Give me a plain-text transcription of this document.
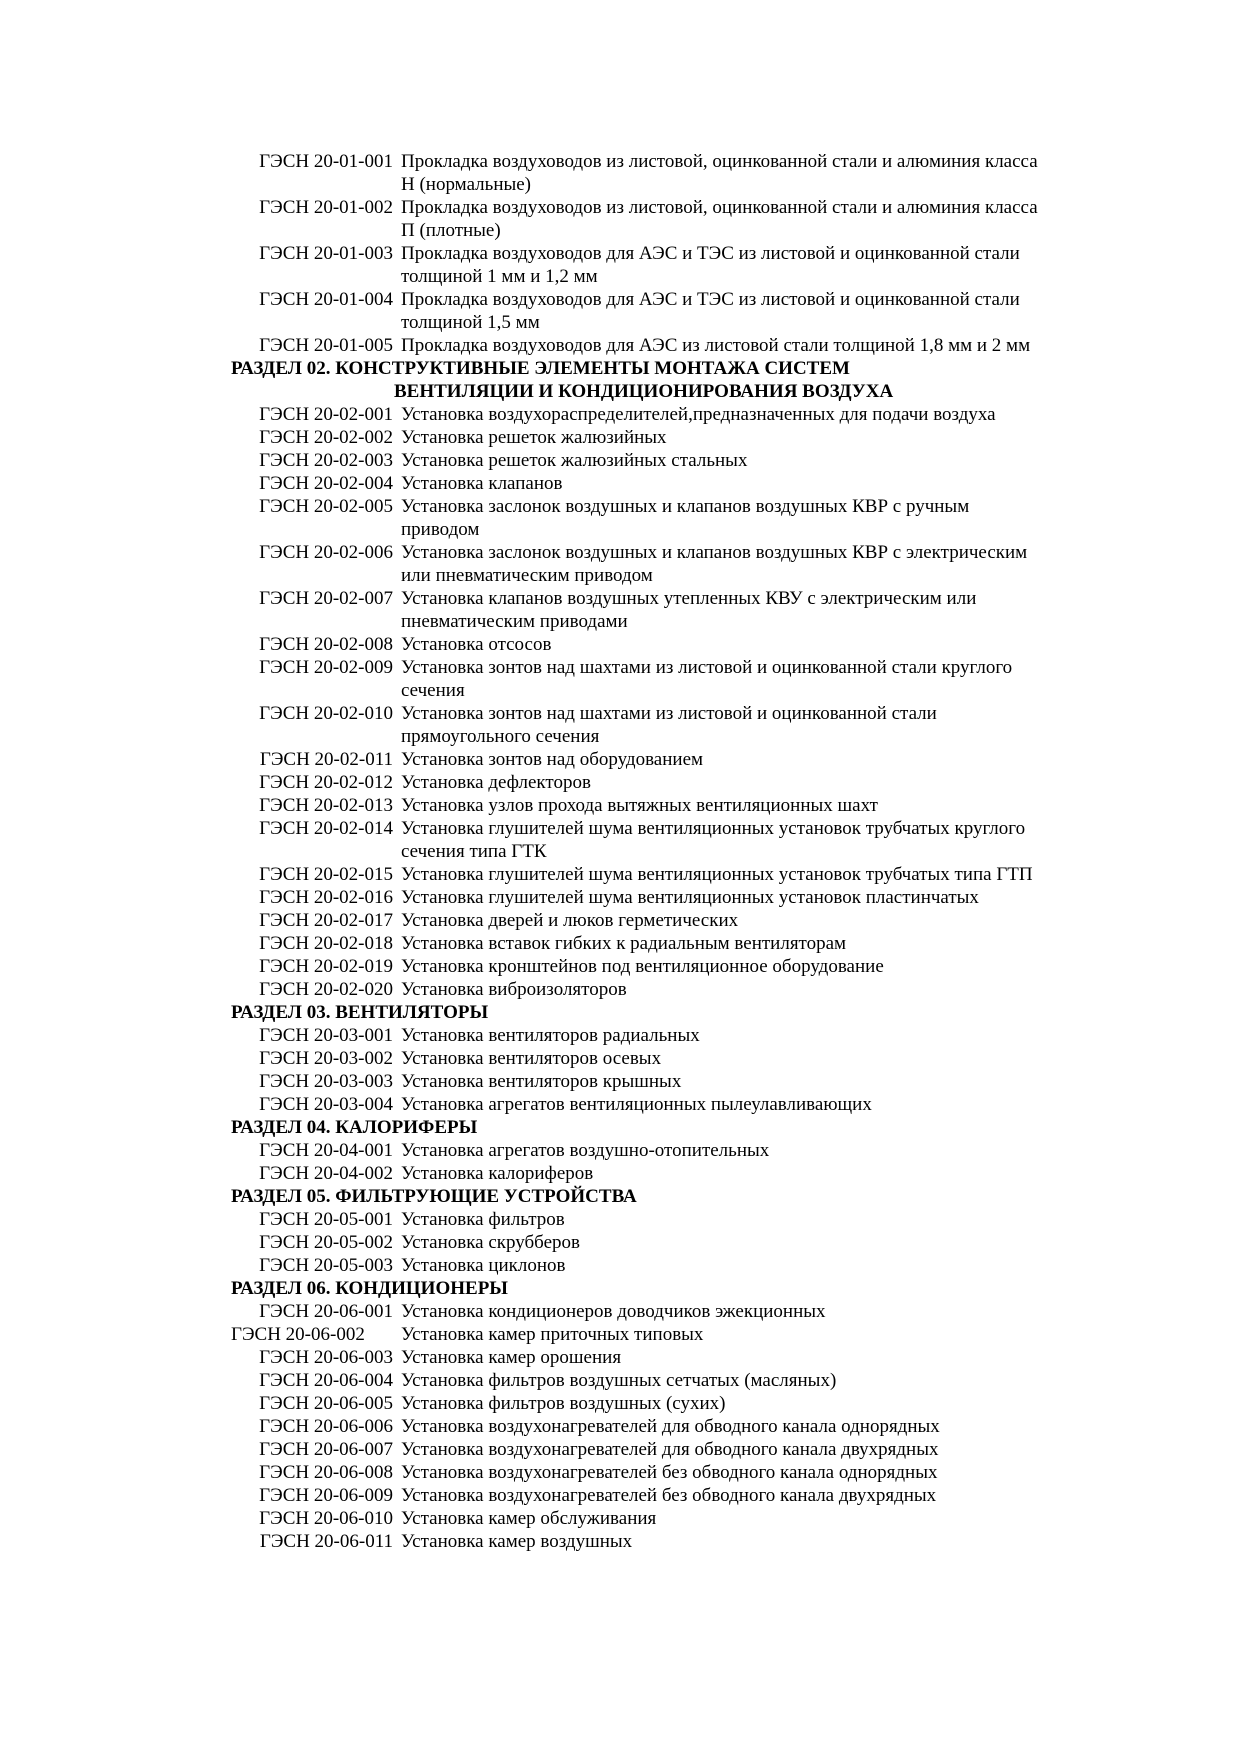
ГЭСН 20-01-001 Прокладка воздуховодов из листовой, оцинкованной стали и алюминия класса Н (нормальные)
ГЭСН 20-01-002 Прокладка воздуховодов из листовой, оцинкованной стали и алюминия класса П (плотные)
ГЭСН 20-01-003 Прокладка воздуховодов для АЭС и ТЭС из листовой и оцинкованной стали толщиной 1 мм и 1,2 мм
ГЭСН 20-01-004 Прокладка воздуховодов для АЭС и ТЭС из листовой и оцинкованной стали толщиной 1,5 мм
ГЭСН 20-01-005 Прокладка воздуховодов для АЭС из листовой стали толщиной 1,8 мм и 2 мм
РАЗДЕЛ 02. КОНСТРУКТИВНЫЕ ЭЛЕМЕНТЫ МОНТАЖА СИСТЕМ
ВЕНТИЛЯЦИИ И КОНДИЦИОНИРОВАНИЯ ВОЗДУХА
ГЭСН 20-02-001 Установка воздухораспределителей,предназначенных для подачи воздуха
ГЭСН 20-02-002 Установка решеток жалюзийных
ГЭСН 20-02-003 Установка решеток жалюзийных стальных
ГЭСН 20-02-004 Установка клапанов
ГЭСН 20-02-005 Установка заслонок воздушных и клапанов воздушных КВР с ручным приводом
ГЭСН 20-02-006 Установка заслонок воздушных и клапанов воздушных КВР с электрическим или пневматическим приводом
ГЭСН 20-02-007 Установка клапанов воздушных утепленных КВУ с электрическим или пневматическим приводами
ГЭСН 20-02-008 Установка отсосов
ГЭСН 20-02-009 Установка зонтов над шахтами из листовой и оцинкованной стали круглого сечения
ГЭСН 20-02-010 Установка зонтов над шахтами из листовой и оцинкованной стали прямоугольного сечения
ГЭСН 20-02-011 Установка зонтов над оборудованием
ГЭСН 20-02-012 Установка дефлекторов
ГЭСН 20-02-013 Установка узлов прохода вытяжных вентиляционных шахт
ГЭСН 20-02-014 Установка глушителей шума вентиляционных установок трубчатых круглого сечения типа ГТК
ГЭСН 20-02-015 Установка глушителей шума вентиляционных установок трубчатых типа ГТП
ГЭСН 20-02-016 Установка глушителей шума вентиляционных установок пластинчатых
ГЭСН 20-02-017 Установка дверей и люков герметических
ГЭСН 20-02-018 Установка вставок гибких к радиальным вентиляторам
ГЭСН 20-02-019 Установка кронштейнов под вентиляционное оборудование
ГЭСН 20-02-020 Установка виброизоляторов
РАЗДЕЛ 03. ВЕНТИЛЯТОРЫ
ГЭСН 20-03-001 Установка вентиляторов радиальных
ГЭСН 20-03-002 Установка вентиляторов осевых
ГЭСН 20-03-003 Установка вентиляторов крышных
ГЭСН 20-03-004 Установка агрегатов вентиляционных пылеулавливающих
РАЗДЕЛ 04. КАЛОРИФЕРЫ
ГЭСН 20-04-001 Установка агрегатов воздушно-отопительных
ГЭСН 20-04-002 Установка калориферов
РАЗДЕЛ 05. ФИЛЬТРУЮЩИЕ УСТРОЙСТВА
ГЭСН 20-05-001 Установка фильтров
ГЭСН 20-05-002 Установка скрубберов
ГЭСН 20-05-003 Установка циклонов
РАЗДЕЛ 06. КОНДИЦИОНЕРЫ
ГЭСН 20-06-001 Установка кондиционеров доводчиков эжекционных
ГЭСН 20-06-002	Установка камер приточных типовых
ГЭСН 20-06-003 Установка камер орошения
ГЭСН 20-06-004 Установка фильтров воздушных сетчатых (масляных)
ГЭСН 20-06-005 Установка фильтров воздушных (сухих)
ГЭСН 20-06-006 Установка воздухонагревателей для обводного канала однорядных
ГЭСН 20-06-007 Установка воздухонагревателей для обводного канала двухрядных
ГЭСН 20-06-008 Установка воздухонагревателей без обводного канала однорядных
ГЭСН 20-06-009 Установка воздухонагревателей без обводного канала двухрядных
ГЭСН 20-06-010 Установка камер обслуживания
ГЭСН 20-06-011 Установка камер воздушных
